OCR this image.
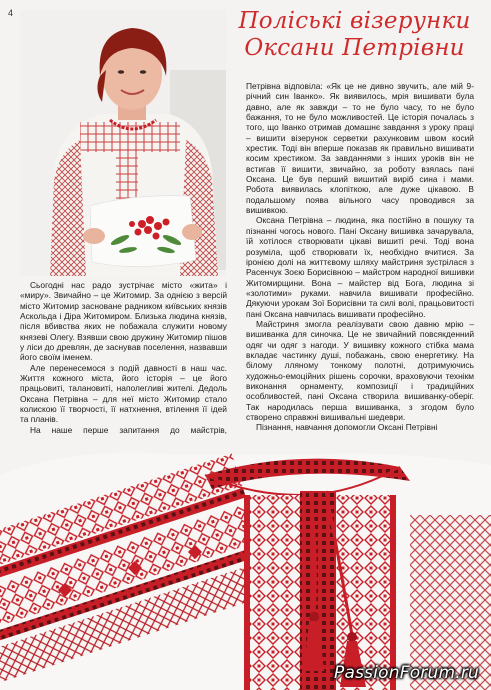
4	Поліські візерунки
Оксани Петрівни

Петрівна відповіла: «Як це не дивно звучить, але мій 9-річний син Іванко». Як виявилось, мрія вишивати була давно, але як завжди – то не було часу, то не було бажання, то не було можливостей. Це історія почалась з того, що Іванко отримав домашнє завдання з уроку праці – вишити візерунок серветки рахунковим швом косий хрестик. Тоді він вперше показав як правильно вишивати косим хрестиком. За завданнями з інших уроків він не встигав її вишити, звичайно, за роботу взялась пані Оксана. Це був перший вишитий виріб сина і мами. Робота виявилась клопіткою, але дуже цікавою. В подальшому поява вільного часу проводився за вишивкою.

Оксана Петрівна – людина, яка постійно в пошуку та пізнанні чогось нового. Пані Оксану вишивка зачарувала, їй хотілося створювати цікаві вишиті речі. Тоді вона розуміла, щоб створювати їх, необхідно вчитися. За іронією долі на життєвому шляху майстриня зустрілася з Расенчук Зоєю Борисівною – майстром народної вишивки Житомирщини. Вона – майстер від Бога, людина зі «золотими» руками. навчила вишивати професійно. Дякуючи урокам Зої Борисівни та силі волі, працьовитості пані Оксана навчилась вишивати професійно.

Майстриня змогла реалізувати свою давню мрію – вишиванка для синочка. Це не звичайний повсякденний одяг чи одяг з нагоди. У вишивку кожного стібка мама вкладає частинку душі, побажань, свою енергетику. На білому лляному тонкому полотні, дотримуючись художньо-емоційних рішень сорочки, враховуючи технікм виконання орнаменту, композиції і традиційних особливостей, пані Оксана створила вишиванку-оберіг. Так народилась перша вишиванка, з згодом було створено справжні вишивальні шедеври.

Пізнання, навчання допомогли Оксані Петрівні

Сьогодні нас радо зустрічає місто «жита» і «миру». Звичайно – це Житомир. За однією з версій місто Житомир засноване радником київських князів Аскольда і Діра Житомиром. Близька людина князів, після вбивства яких не побажала служити новому князеві Олегу. Взявши свою дружину Житомир пішов у ліси до древлян, де заснував поселення, назвавши його своїм іменем.

Але перенесемося з подій давності в наш час. Життя кожного міста, його історія – це його працьовиті, талановиті, наполегливі жителі. Дедоль Оксана Петрівна – для неї місто Житомир стало колискою її творчості, її натхнення, втілення її ідей та планів.

На наше перше запитання до майстрів,

PassionForum.ru
